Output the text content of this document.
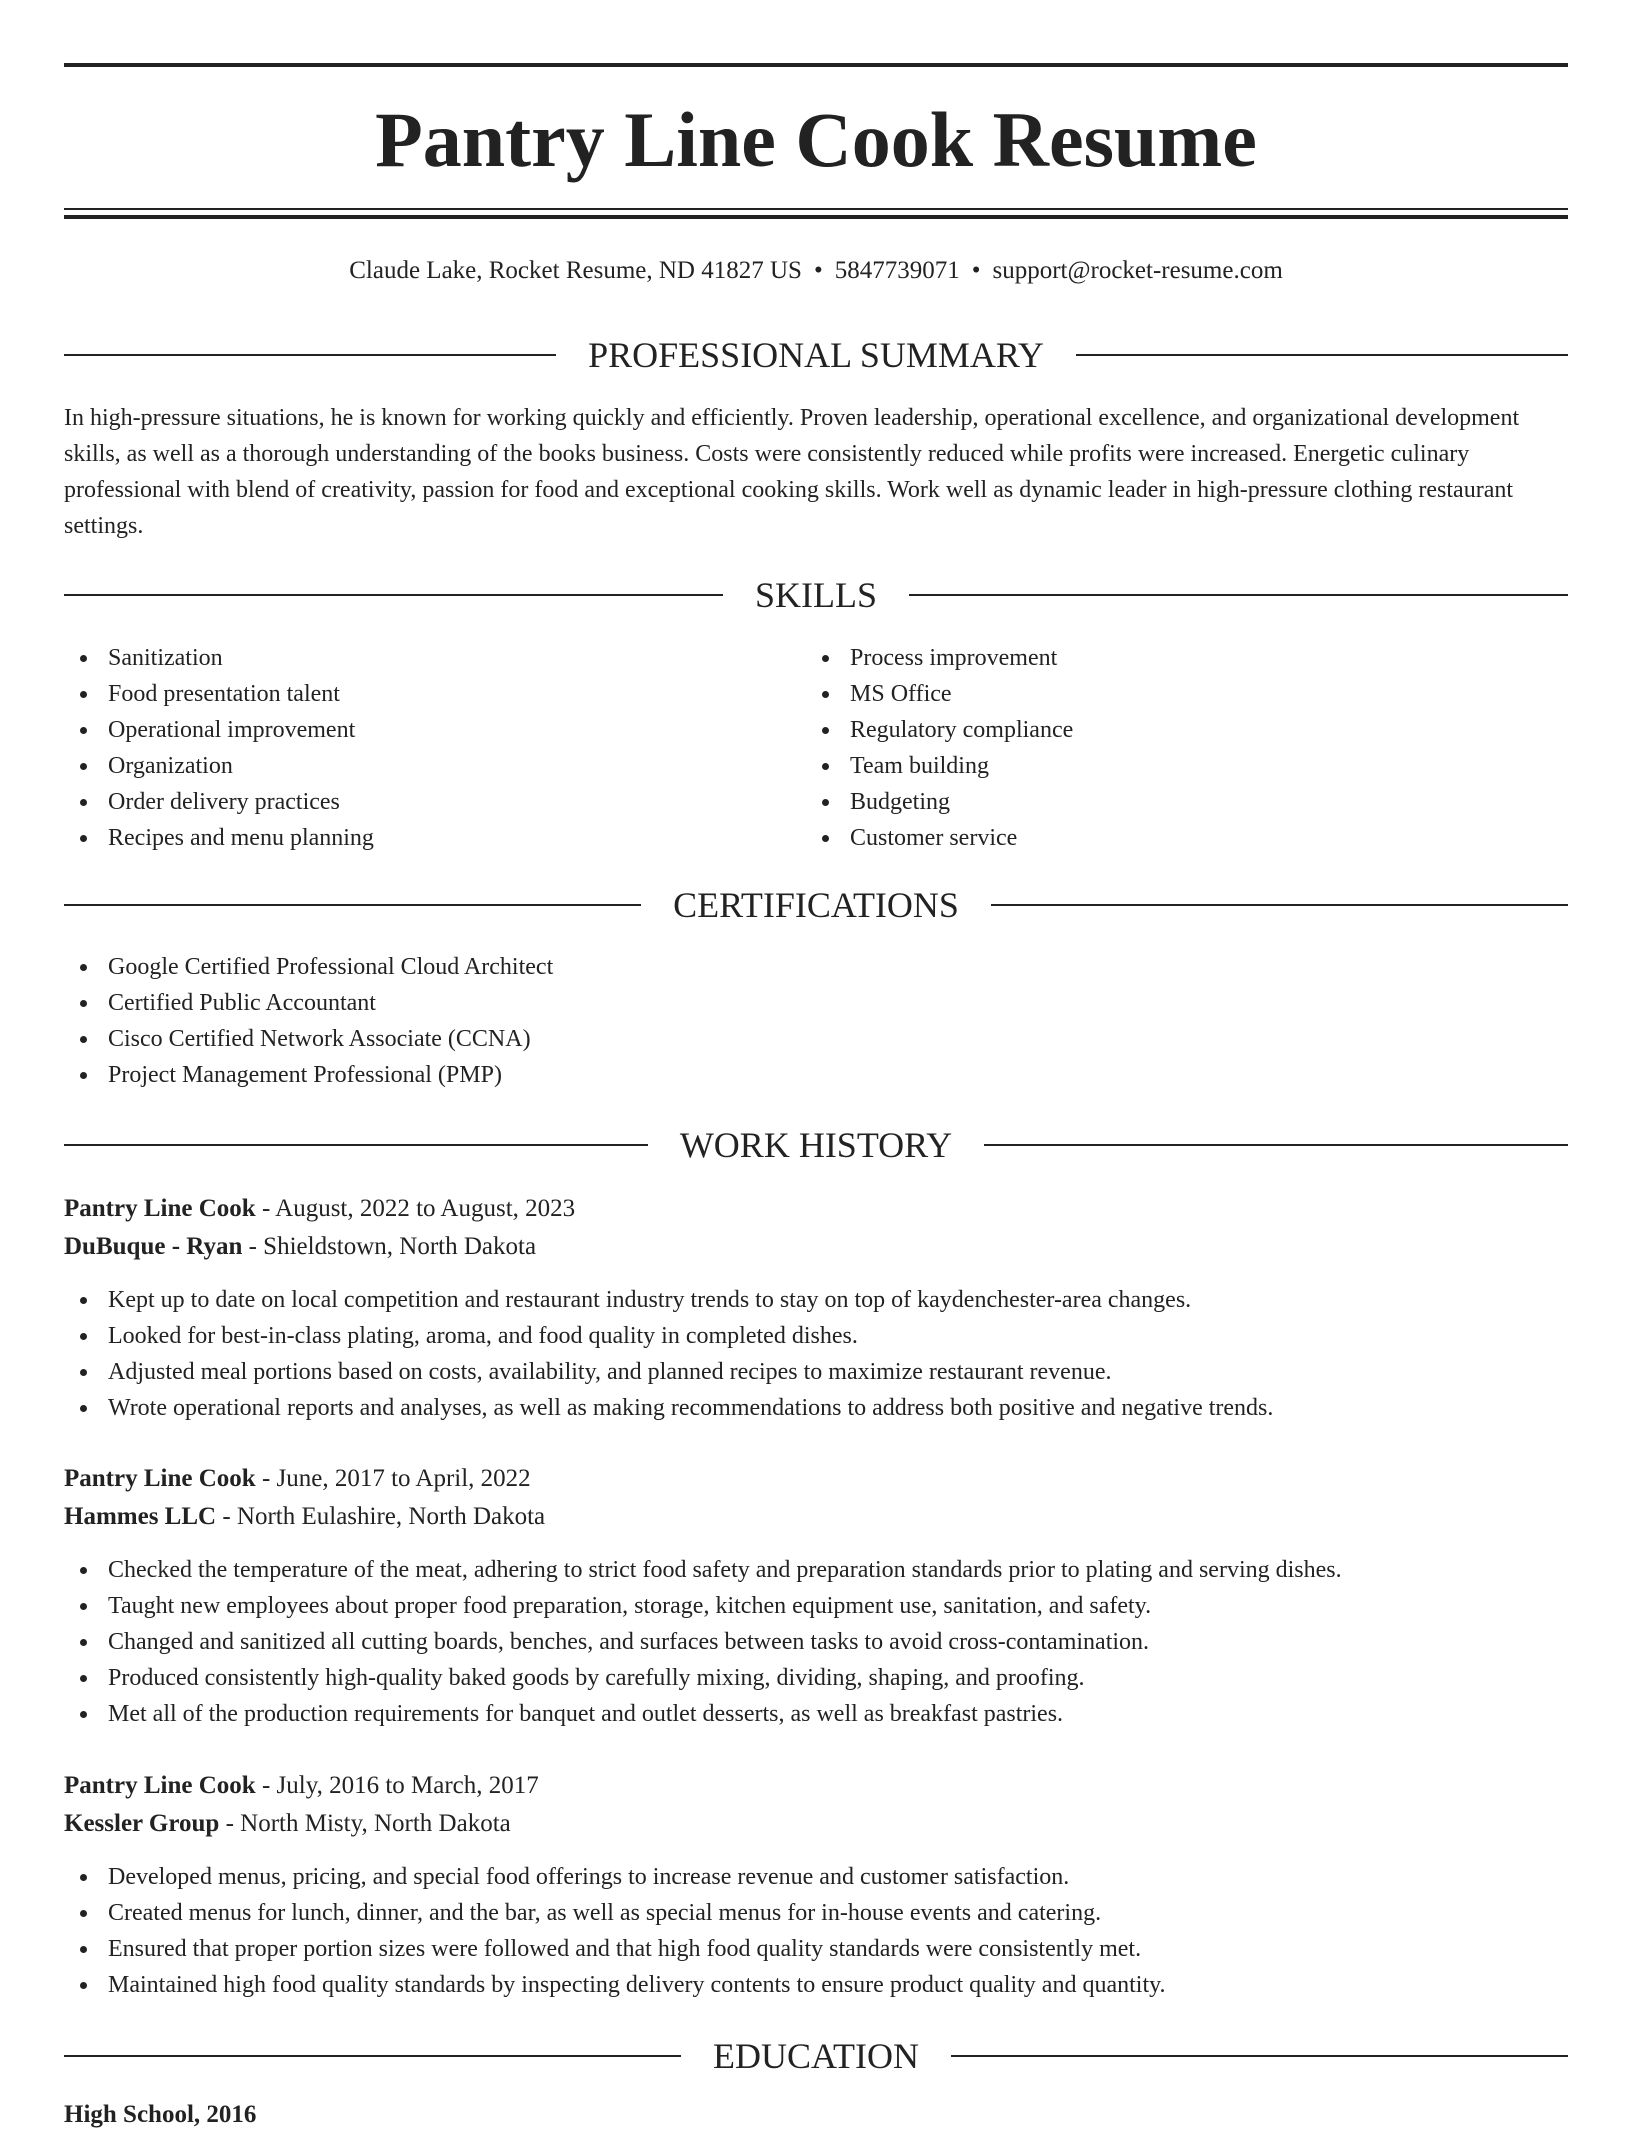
Pantry Line Cook Resume
Claude Lake, Rocket Resume, ND 41827 US • 5847739071 • support@rocket-resume.com
PROFESSIONAL SUMMARY

In high-pressure situations, he is known for working quickly and efficiently. Proven leadership, operational excellence, and organizational development skills, as well as a thorough understanding of the books business. Costs were consistently reduced while profits were increased. Energetic culinary professional with blend of creativity, passion for food and exceptional cooking skills. Work well as dynamic leader in high-pressure clothing restaurant settings.

SKILLS
Sanitization
Food presentation talent
Operational improvement
Organization
Order delivery practices
Recipes and menu planning
Process improvement
MS Office
Regulatory compliance
Team building
Budgeting
Customer service
CERTIFICATIONS
Google Certified Professional Cloud Architect
Certified Public Accountant
Cisco Certified Network Associate (CCNA)
Project Management Professional (PMP)
WORK HISTORY
Pantry Line Cook - August, 2022 to August, 2023
DuBuque - Ryan - Shieldstown, North Dakota
Kept up to date on local competition and restaurant industry trends to stay on top of kaydenchester-area changes.
Looked for best-in-class plating, aroma, and food quality in completed dishes.
Adjusted meal portions based on costs, availability, and planned recipes to maximize restaurant revenue.
Wrote operational reports and analyses, as well as making recommendations to address both positive and negative trends.
Pantry Line Cook - June, 2017 to April, 2022
Hammes LLC - North Eulashire, North Dakota
Checked the temperature of the meat, adhering to strict food safety and preparation standards prior to plating and serving dishes.
Taught new employees about proper food preparation, storage, kitchen equipment use, sanitation, and safety.
Changed and sanitized all cutting boards, benches, and surfaces between tasks to avoid cross-contamination.
Produced consistently high-quality baked goods by carefully mixing, dividing, shaping, and proofing.
Met all of the production requirements for banquet and outlet desserts, as well as breakfast pastries.
Pantry Line Cook - July, 2016 to March, 2017
Kessler Group - North Misty, North Dakota
Developed menus, pricing, and special food offerings to increase revenue and customer satisfaction.
Created menus for lunch, dinner, and the bar, as well as special menus for in-house events and catering.
Ensured that proper portion sizes were followed and that high food quality standards were consistently met.
Maintained high food quality standards by inspecting delivery contents to ensure product quality and quantity.
EDUCATION
High School, 2016
